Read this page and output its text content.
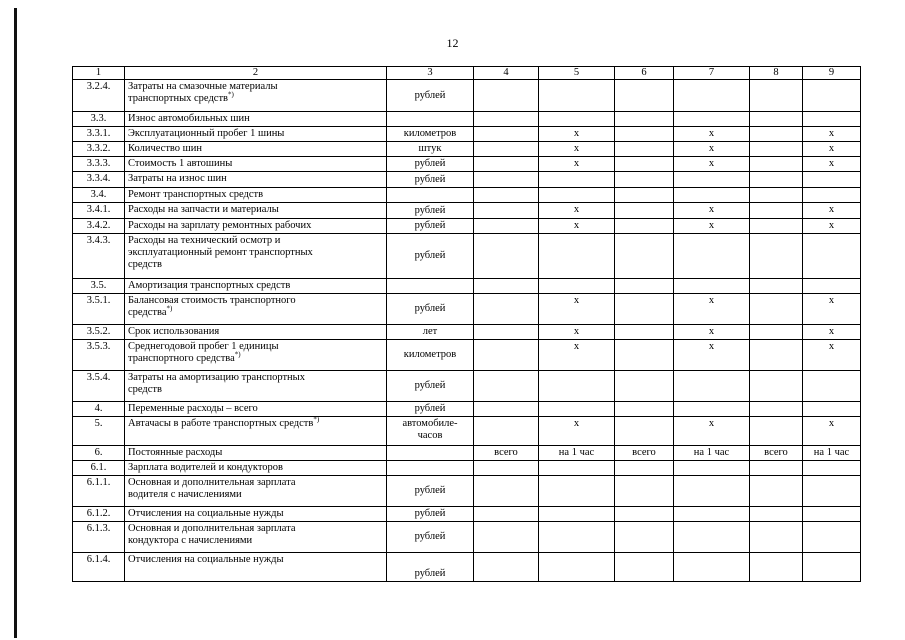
12
1	2	3	4	5	6	7	8	9
3.2.4.	Затраты на смазочные материалы
транспортных средств*)	рублей						
3.3.	Износ автомобильных шин							
3.3.1.	Эксплуатационный пробег 1 шины	километров		х		х		х
3.3.2.	Количество шин	штук		х		х		х
3.3.3.	Стоимость 1 автошины	рублей		х		х		х
3.3.4.	Затраты на износ шин	рублей						
3.4.	Ремонт транспортных средств							
3.4.1.	Расходы на запчасти и материалы	рублей		х		х		х
3.4.2.	Расходы на зарплату ремонтных рабочих	рублей		х		х		х
3.4.3.	Расходы на технический осмотр и
эксплуатационный ремонт транспортных
средств	рублей						
3.5.	Амортизация транспортных средств							
3.5.1.	Балансовая стоимость транспортного
средства*)	рублей		х		х		х
3.5.2.	Срок использования	лет		х		х		х
3.5.3.	Среднегодовой пробег 1 единицы
транспортного средства*)	километров		х		х		х
3.5.4.	Затраты на амортизацию транспортных
средств	рублей						
4.	Переменные расходы – всего	рублей						
5.	Автачасы в работе транспортных средств*)	автомобиле-
часов		х		х		х
6.	Постоянные расходы		всего	на 1 час	всего	на 1 час	всего	на 1 час
6.1.	Зарплата водителей и кондукторов							
6.1.1.	Основная и дополнительная зарплата
водителя с начислениями	рублей						
6.1.2.	Отчисления на социальные нужды	рублей						
6.1.3.	Основная и дополнительная зарплата
кондуктора с начислениями	рублей						
6.1.4.	Отчисления на социальные нужды	рублей						
